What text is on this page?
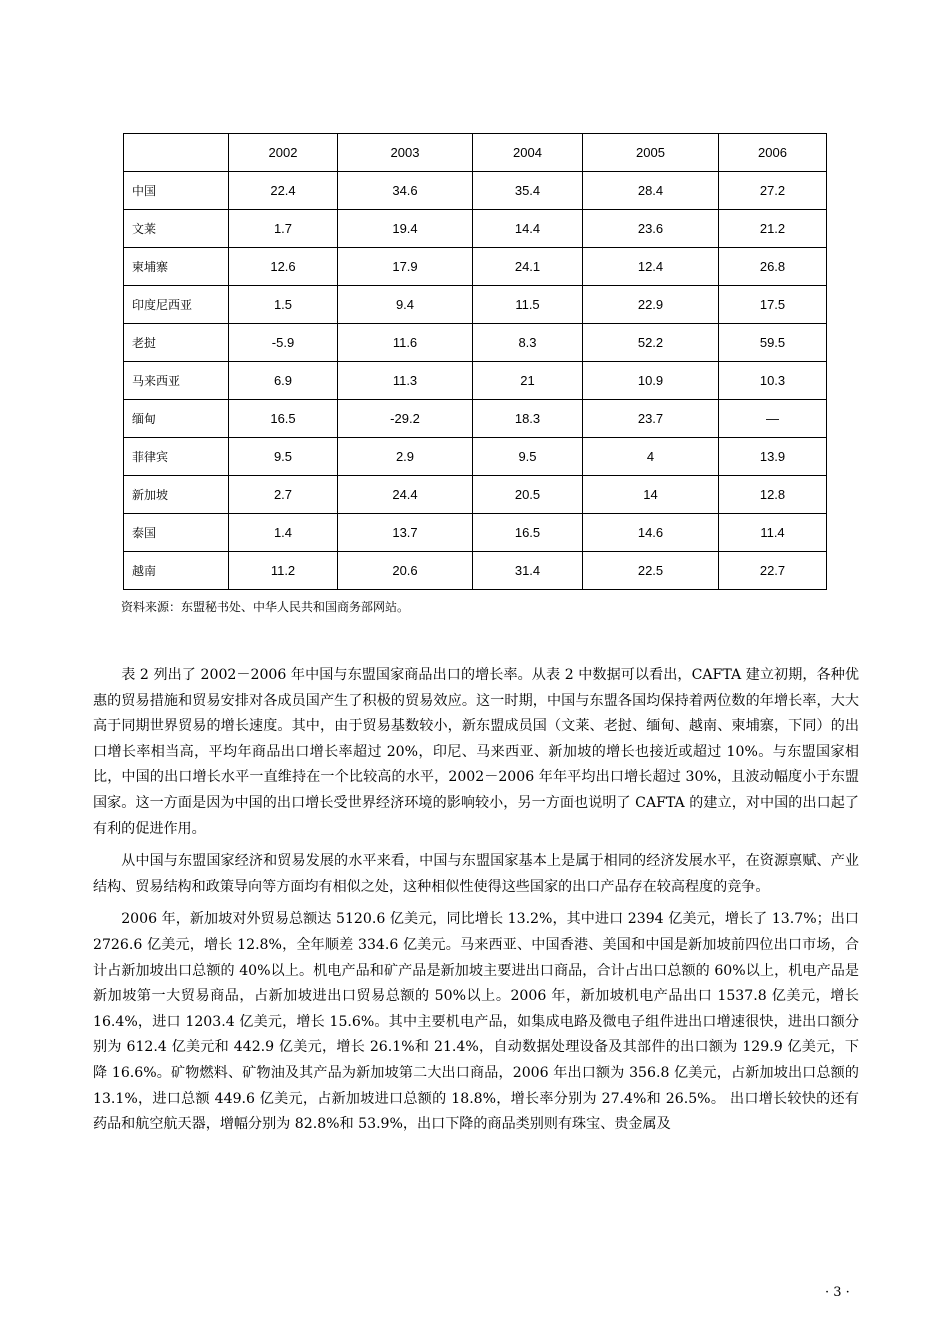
	2002	2003	2004	2005	2006
中国	22.4	34.6	35.4	28.4	27.2
文莱	1.7	19.4	14.4	23.6	21.2
柬埔寨	12.6	17.9	24.1	12.4	26.8
印度尼西亚	1.5	9.4	11.5	22.9	17.5
老挝	-5.9	11.6	8.3	52.2	59.5
马来西亚	6.9	11.3	21	10.9	10.3
缅甸	16.5	-29.2	18.3	23.7	—
菲律宾	9.5	2.9	9.5	4	13.9
新加坡	2.7	24.4	20.5	14	12.8
泰国	1.4	13.7	16.5	14.6	11.4
越南	11.2	20.6	31.4	22.5	22.7
资料来源：东盟秘书处、中华人民共和国商务部网站。

表 2 列出了 2002－2006 年中国与东盟国家商品出口的增长率。从表 2 中数据可以看出，CAFTA 建立初期，各种优惠的贸易措施和贸易安排对各成员国产生了积极的贸易效应。这一时期，中国与东盟各国均保持着两位数的年增长率，大大高于同期世界贸易的增长速度。其中，由于贸易基数较小，新东盟成员国（文莱、老挝、缅甸、越南、柬埔寨，下同）的出口增长率相当高，平均年商品出口增长率超过 20%，印尼、马来西亚、新加坡的增长也接近或超过 10%。与东盟国家相比，中国的出口增长水平一直维持在一个比较高的水平，2002－2006 年年平均出口增长超过 30%，且波动幅度小于东盟国家。这一方面是因为中国的出口增长受世界经济环境的影响较小，另一方面也说明了 CAFTA 的建立，对中国的出口起了有利的促进作用。

从中国与东盟国家经济和贸易发展的水平来看，中国与东盟国家基本上是属于相同的经济发展水平，在资源禀赋、产业结构、贸易结构和政策导向等方面均有相似之处，这种相似性使得这些国家的出口产品存在较高程度的竞争。

2006 年，新加坡对外贸易总额达 5120.6 亿美元，同比增长 13.2%，其中进口 2394 亿美元，增长了 13.7%；出口 2726.6 亿美元，增长 12.8%，全年顺差 334.6 亿美元。马来西亚、中国香港、美国和中国是新加坡前四位出口市场，合计占新加坡出口总额的 40%以上。机电产品和矿产品是新加坡主要进出口商品，合计占出口总额的 60%以上，机电产品是新加坡第一大贸易商品，占新加坡进出口贸易总额的 50%以上。2006 年，新加坡机电产品出口 1537.8 亿美元，增长 16.4%，进口 1203.4 亿美元，增长 15.6%。其中主要机电产品，如集成电路及微电子组件进出口增速很快，进出口额分别为 612.4 亿美元和 442.9 亿美元，增长 26.1%和 21.4%，自动数据处理设备及其部件的出口额为 129.9 亿美元，下降 16.6%。矿物燃料、矿物油及其产品为新加坡第二大出口商品，2006 年出口额为 356.8 亿美元，占新加坡出口总额的 13.1%，进口总额 449.6 亿美元，占新加坡进口总额的 18.8%，增长率分别为 27.4%和 26.5%。 出口增长较快的还有药品和航空航天器，增幅分别为 82.8%和 53.9%，出口下降的商品类别则有珠宝、贵金属及

· 3 ·
